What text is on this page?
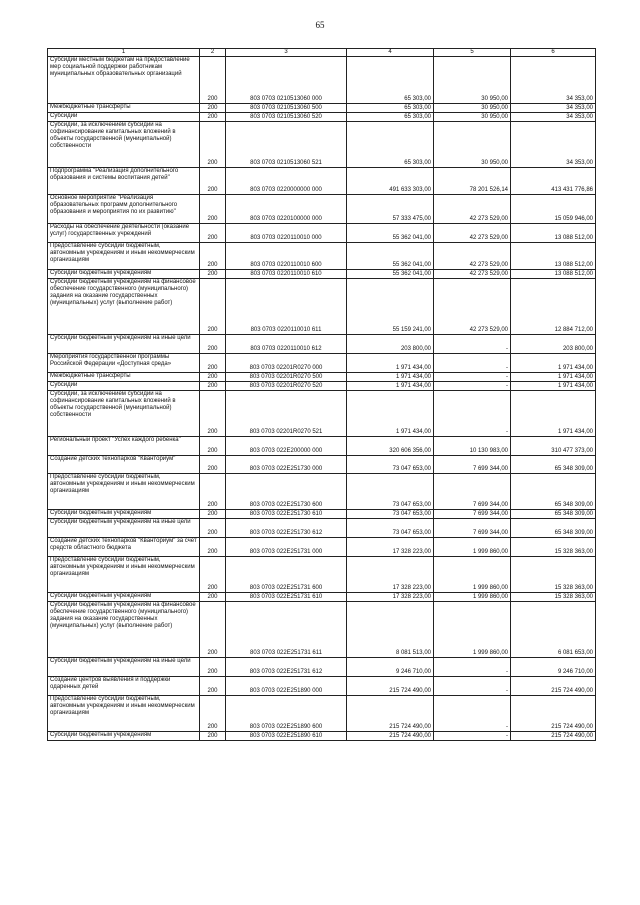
65
1	2	3	4	5	6
Субсидии местным бюджетам на предоставление мер социальной поддержки работникам муниципальных образовательных организаций	200	803 0703 0210513060 000	65 303,00	30 950,00	34 353,00
Межбюджетные трансферты	200	803 0703 0210513060 500	65 303,00	30 950,00	34 353,00
Субсидии	200	803 0703 0210513060 520	65 303,00	30 950,00	34 353,00
Субсидии, за исключением субсидий на софинансирование капитальных вложений в объекты государственной (муниципальной) собственности	200	803 0703 0210513060 521	65 303,00	30 950,00	34 353,00
Подпрограмма "Реализация дополнительного образования и системы воспитания детей"	200	803 0703 0220000000 000	491 633 303,00	78 201 526,14	413 431 776,86
Основное мероприятие "Реализация образовательных программ дополнительного образования и мероприятия по их развитию"	200	803 0703 0220100000 000	57 333 475,00	42 273 529,00	15 059 946,00
Расходы на обеспечение деятельности (оказание услуг) государственных учреждений	200	803 0703 0220110010 000	55 362 041,00	42 273 529,00	13 088 512,00
Предоставление субсидий бюджетным, автономным учреждениям и иным некоммерческим организациям	200	803 0703 0220110010 600	55 362 041,00	42 273 529,00	13 088 512,00
Субсидии бюджетным учреждениям	200	803 0703 0220110010 610	55 362 041,00	42 273 529,00	13 088 512,00
Субсидии бюджетным учреждениям на финансовое обеспечение государственного (муниципального) задания на оказание государственных (муниципальных) услуг (выполнение работ)	200	803 0703 0220110010 611	55 159 241,00	42 273 529,00	12 884 712,00
Субсидии бюджетным учреждениям на иные цели	200	803 0703 0220110010 612	203 800,00	-	203 800,00
Мероприятия государственной программы Российской Федерации «Доступная среда»	200	803 0703 02201R0270 000	1 971 434,00	-	1 971 434,00
Межбюджетные трансферты	200	803 0703 02201R0270 500	1 971 434,00	-	1 971 434,00
Субсидии	200	803 0703 02201R0270 520	1 971 434,00	-	1 971 434,00
Субсидии, за исключением субсидий на софинансирование капитальных вложений в объекты государственной (муниципальной) собственности	200	803 0703 02201R0270 521	1 971 434,00	-	1 971 434,00
Региональный проект "Успех каждого ребенка"	200	803 0703 022E200000 000	320 606 356,00	10 130 983,00	310 477 373,00
Создание детских технопарков "Кванториум"	200	803 0703 022E251730 000	73 047 653,00	7 699 344,00	65 348 309,00
Предоставление субсидий бюджетным, автономным учреждениям и иным некоммерческим организациям	200	803 0703 022E251730 600	73 047 653,00	7 699 344,00	65 348 309,00
Субсидии бюджетным учреждениям	200	803 0703 022E251730 610	73 047 653,00	7 699 344,00	65 348 309,00
Субсидии бюджетным учреждениям на иные цели	200	803 0703 022E251730 612	73 047 653,00	7 699 344,00	65 348 309,00
Создание детских технопарков "Кванториум" за счет средств областного бюджета	200	803 0703 022E251731 000	17 328 223,00	1 999 860,00	15 328 363,00
Предоставление субсидий бюджетным, автономным учреждениям и иным некоммерческим организациям	200	803 0703 022E251731 600	17 328 223,00	1 999 860,00	15 328 363,00
Субсидии бюджетным учреждениям	200	803 0703 022E251731 610	17 328 223,00	1 999 860,00	15 328 363,00
Субсидии бюджетным учреждениям на финансовое обеспечение государственного (муниципального) задания на оказание государственных (муниципальных) услуг (выполнение работ)	200	803 0703 022E251731 611	8 081 513,00	1 999 860,00	6 081 653,00
Субсидии бюджетным учреждениям на иные цели	200	803 0703 022E251731 612	9 246 710,00	-	9 246 710,00
Создание центров выявления и поддержки одаренных детей	200	803 0703 022E251890 000	215 724 490,00	-	215 724 490,00
Предоставление субсидий бюджетным, автономным учреждениям и иным некоммерческим организациям	200	803 0703 022E251890 600	215 724 490,00	-	215 724 490,00
Субсидии бюджетным учреждениям	200	803 0703 022E251890 610	215 724 490,00	-	215 724 490,00
